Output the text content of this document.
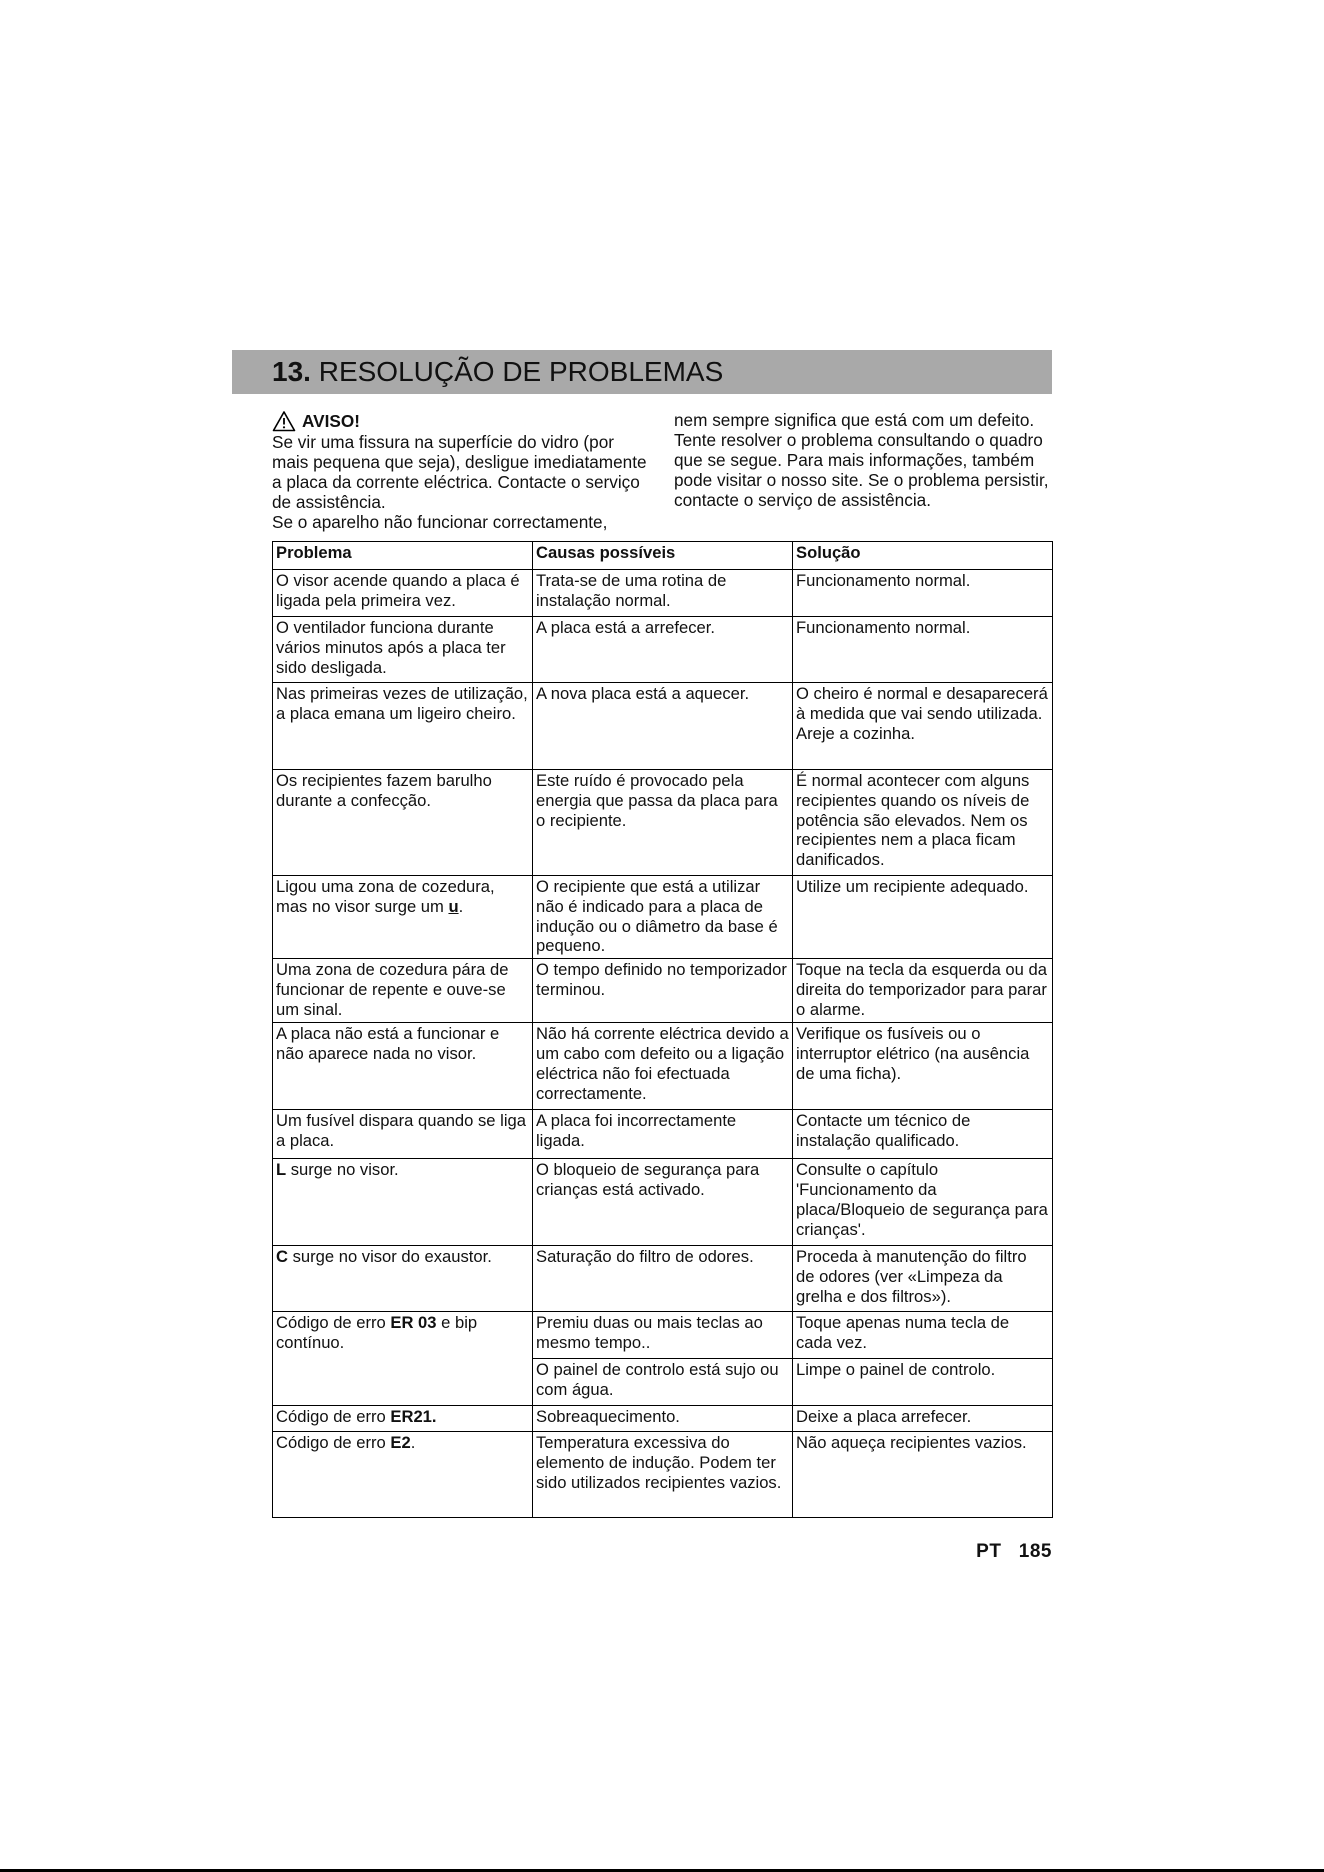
13. RESOLUÇÃO DE PROBLEMAS
AVISO!

Se vir uma fissura na superfície do vidro (por mais pequena que seja), desligue imediatamente a placa da corrente eléctrica. Contacte o serviço de assistência.

Se o aparelho não funcionar correctamente,

nem sempre significa que está com um defeito. Tente resolver o problema consultando o quadro que se segue. Para mais informações, também pode visitar o nosso site. Se o problema persistir, contacte o serviço de assistência.

Problema	Causas possíveis	Solução
O visor acende quando a placa é ligada pela primeira vez.	Trata-se de uma rotina de instalação normal.	Funcionamento normal.
O ventilador funciona durante vários minutos após a placa ter sido desligada.	A placa está a arrefecer.	Funcionamento normal.
Nas primeiras vezes de utilização, a placa emana um ligeiro cheiro.	A nova placa está a aquecer.	O cheiro é normal e desaparecerá à medida que vai sendo utilizada. Areje a cozinha.
Os recipientes fazem barulho durante a confecção.	Este ruído é provocado pela energia que passa da placa para o recipiente.	É normal acontecer com alguns recipientes quando os níveis de potência são elevados. Nem os recipientes nem a placa ficam danificados.
Ligou uma zona de cozedura, mas no visor surge um u.	O recipiente que está a utilizar não é indicado para a placa de indução ou o diâmetro da base é pequeno.	Utilize um recipiente adequado.
Uma zona de cozedura pára de funcionar de repente e ouve-se um sinal.	O tempo definido no temporizador terminou.	Toque na tecla da esquerda ou da direita do temporizador para parar o alarme.
A placa não está a funcionar e não aparece nada no visor.	Não há corrente eléctrica devido a um cabo com defeito ou a ligação eléctrica não foi efectuada correctamente.	Verifique os fusíveis ou o interruptor elétrico (na ausência de uma ficha).
Um fusível dispara quando se liga a placa.	A placa foi incorrectamente ligada.	Contacte um técnico de instalação qualificado.
L surge no visor.	O bloqueio de segurança para crianças está activado.	Consulte o capítulo 'Funcionamento da placa/Bloqueio de segurança para crianças'.
C surge no visor do exaustor.	Saturação do filtro de odores.	Proceda à manutenção do filtro de odores (ver «Limpeza da grelha e dos filtros»).
Código de erro ER 03 e bip contínuo.	Premiu duas ou mais teclas ao mesmo tempo..	Toque apenas numa tecla de cada vez.
	O painel de controlo está sujo ou com água.	Limpe o painel de controlo.
Código de erro ER21.	Sobreaquecimento.	Deixe a placa arrefecer.
Código de erro E2.	Temperatura excessiva do elemento de indução. Podem ter sido utilizados recipientes vazios.	Não aqueça recipientes vazios.
PT 185
